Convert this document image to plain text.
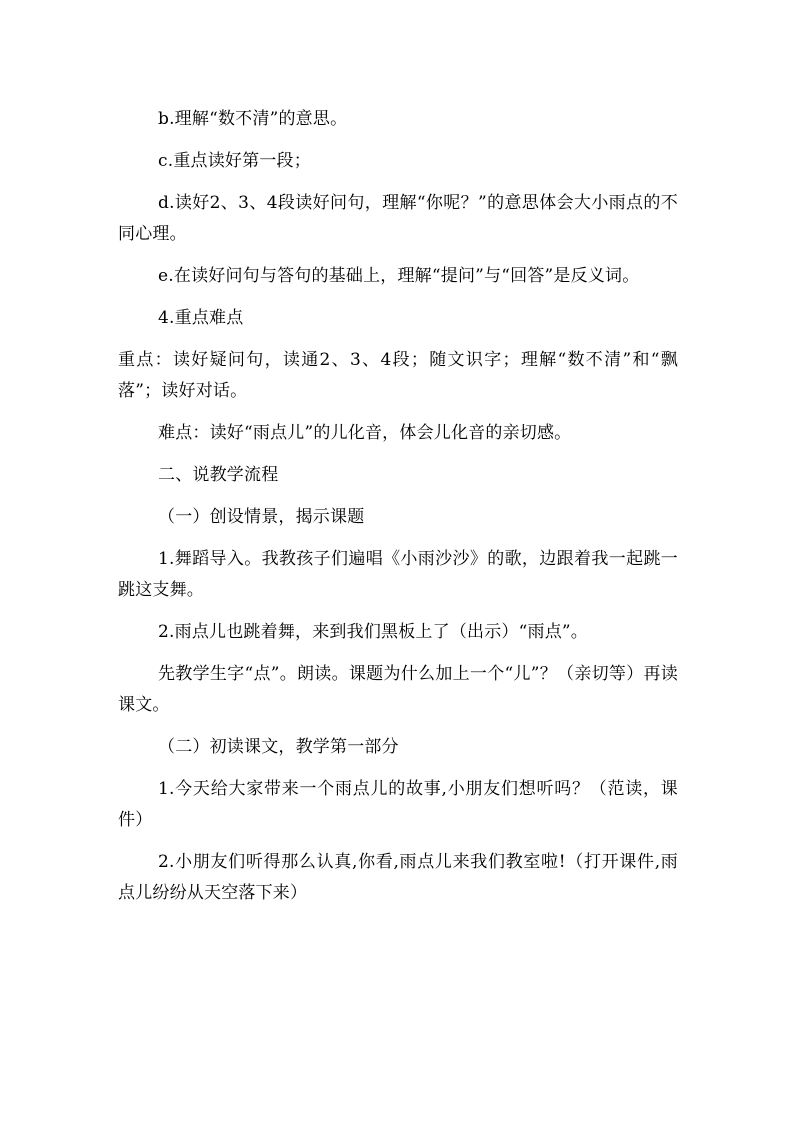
b.理解“数不清”的意思。

c.重点读好第一段；

d.读好2、3、4段读好问句，理解“你呢？”的意思体会大小雨点的不同心理。

e.在读好问句与答句的基础上，理解“提问”与“回答”是反义词。

4.重点难点

重点：读好疑问句，读通2、3、4段；随文识字；理解“数不清”和“飘落”；读好对话。

难点：读好“雨点儿”的儿化音，体会儿化音的亲切感。

二、说教学流程

（一）创设情景，揭示课题

1.舞蹈导入。我教孩子们遍唱《小雨沙沙》的歌，边跟着我一起跳一跳这支舞。

2.雨点儿也跳着舞，来到我们黑板上了（出示）“雨点”。

先教学生字“点”。朗读。课题为什么加上一个“儿”？（亲切等）再读课文。

（二）初读课文，教学第一部分

1.今天给大家带来一个雨点儿的故事,小朋友们想听吗？（范读，课件）

2.小朋友们听得那么认真,你看,雨点儿来我们教室啦!（打开课件,雨点儿纷纷从天空落下来）
